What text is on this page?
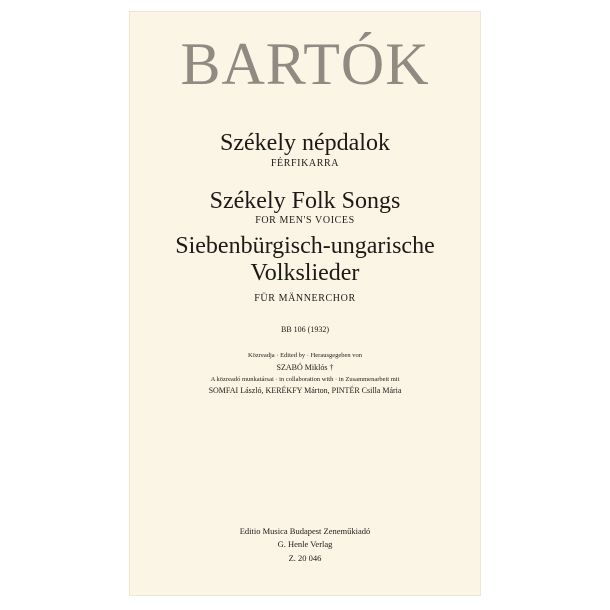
BARTÓK

Székely népdalok

FÉRFIKARRA

Székely Folk Songs

FOR MEN'S VOICES

Siebenbürgisch-ungarische

Volkslieder

FÜR MÄNNERCHOR

BB 106 (1932)

Közreadja · Edited by · Herausgegeben von

SZABÓ Miklós †

A közreadó munkatársai · in collaboration with · in Zusammenarbeit mit

SOMFAI László, KERÉKFY Márton, PINTÉR Csilla Mária

Editio Musica Budapest Zeneműkiadó

G. Henle Verlag

Z. 20 046
